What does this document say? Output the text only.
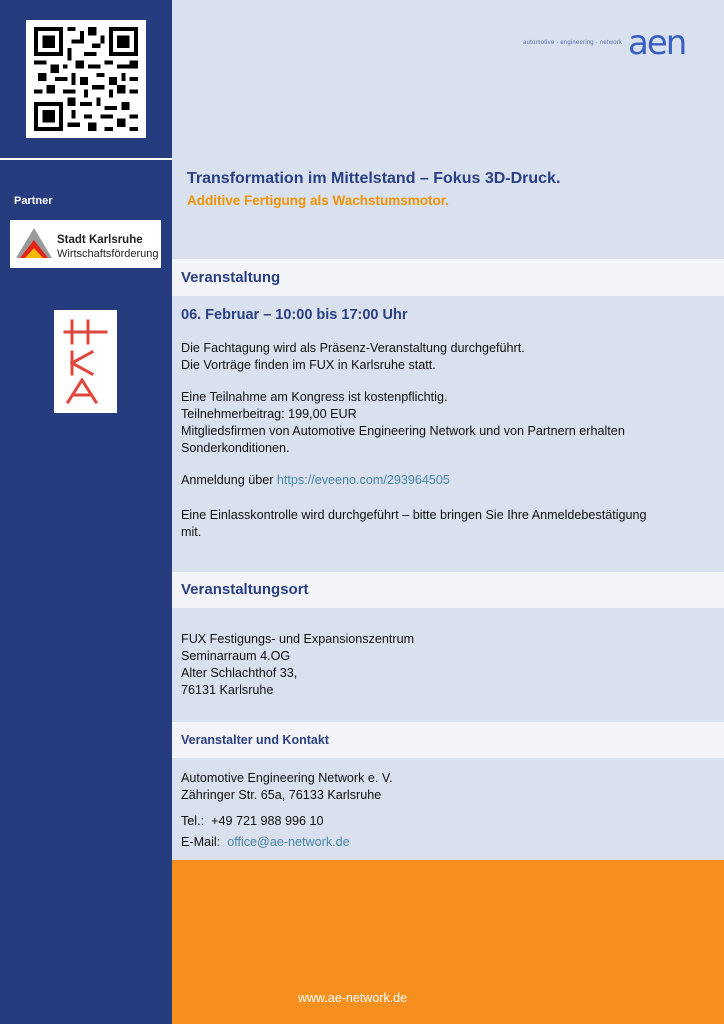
Partner
Stadt Karlsruhe
Wirtschaftsförderung
automotive · engineering · network aen
Transformation im Mittelstand – Fokus 3D-Druck.
Additive Fertigung als Wachstumsmotor.
Veranstaltung
06. Februar – 10:00 bis 17:00 Uhr
Die Fachtagung wird als Präsenz-Veranstaltung durchgeführt.
Die Vorträge finden im FUX in Karlsruhe statt.
Eine Teilnahme am Kongress ist kostenpflichtig.
Teilnehmerbeitrag: 199,00 EUR
Mitgliedsfirmen von Automotive Engineering Network und von Partnern erhalten
Sonderkonditionen.
Anmeldung über https://eveeno.com/293964505
Eine Einlasskontrolle wird durchgeführt – bitte bringen Sie Ihre Anmeldebestätigung
mit.
Veranstaltungsort
FUX Festigungs- und Expansionszentrum
Seminarraum 4.OG
Alter Schlachthof 33,
76131 Karlsruhe
Veranstalter und Kontakt
Automotive Engineering Network e. V.
Zähringer Str. 65a, 76133 Karlsruhe
Tel.: +49 721 988 996 10
E-Mail: office@ae-network.de
www.ae-network.de
